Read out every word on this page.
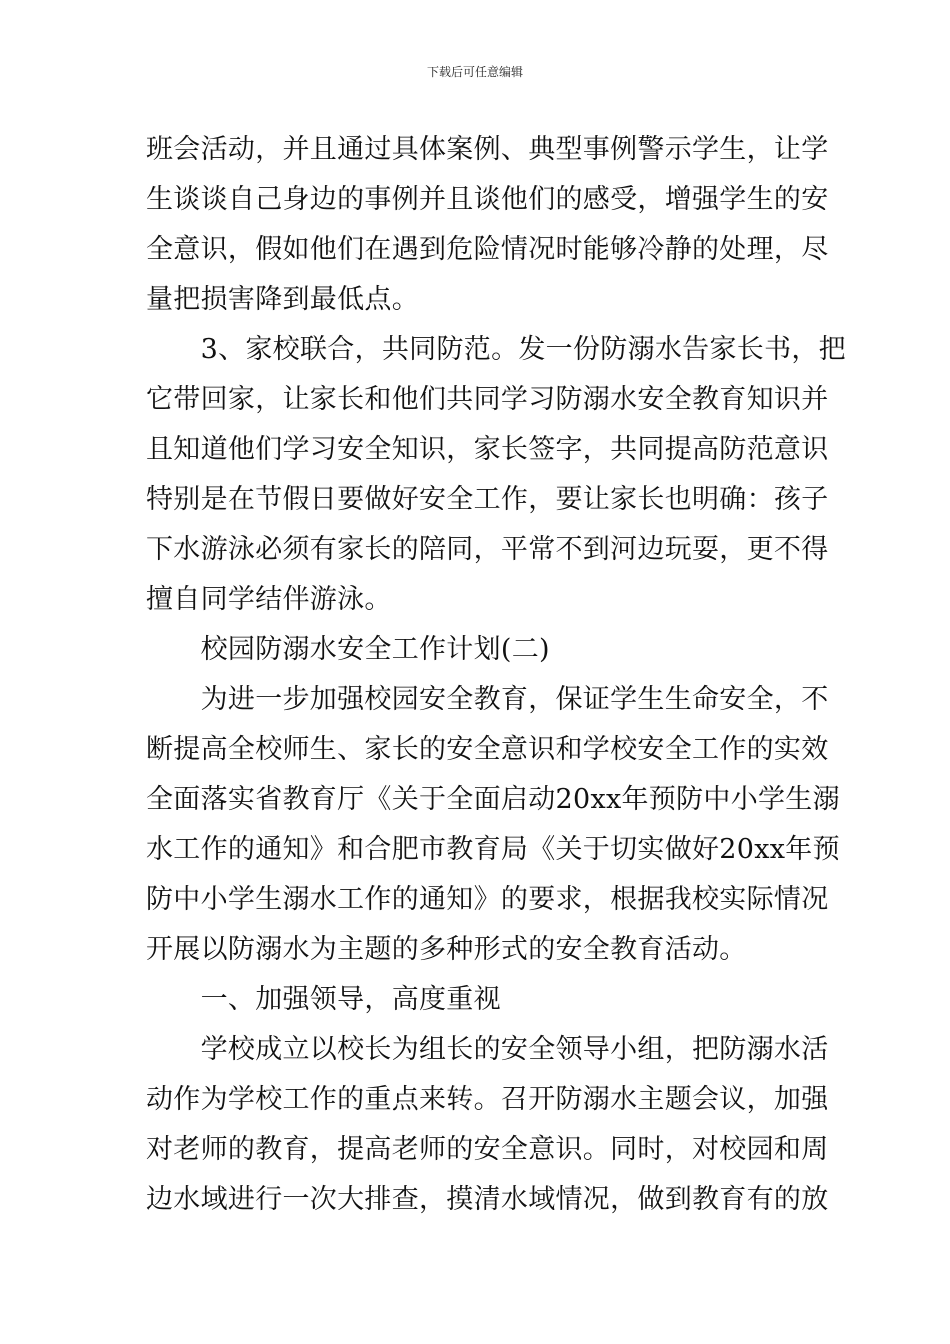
下载后可任意编辑
班会活动，并且通过具体案例、典型事例警示学生，让学
生谈谈自己身边的事例并且谈他们的感受，增强学生的安
全意识，假如他们在遇到危险情况时能够冷静的处理，尽
量把损害降到最低点。
　　3、家校联合，共同防范。发一份防溺水告家长书，把
它带回家，让家长和他们共同学习防溺水安全教育知识并
且知道他们学习安全知识，家长签字，共同提高防范意识
特别是在节假日要做好安全工作，要让家长也明确：孩子
下水游泳必须有家长的陪同，平常不到河边玩耍，更不得
擅自同学结伴游泳。
　　校园防溺水安全工作计划(二)
　　为进一步加强校园安全教育，保证学生生命安全，不
断提高全校师生、家长的安全意识和学校安全工作的实效
全面落实省教育厅《关于全面启动20xx年预防中小学生溺
水工作的通知》和合肥市教育局《关于切实做好20xx年预
防中小学生溺水工作的通知》的要求，根据我校实际情况
开展以防溺水为主题的多种形式的安全教育活动。
　　一、加强领导，高度重视
　　学校成立以校长为组长的安全领导小组，把防溺水活
动作为学校工作的重点来转。召开防溺水主题会议，加强
对老师的教育，提高老师的安全意识。同时，对校园和周
边水域进行一次大排查，摸清水域情况，做到教育有的放
